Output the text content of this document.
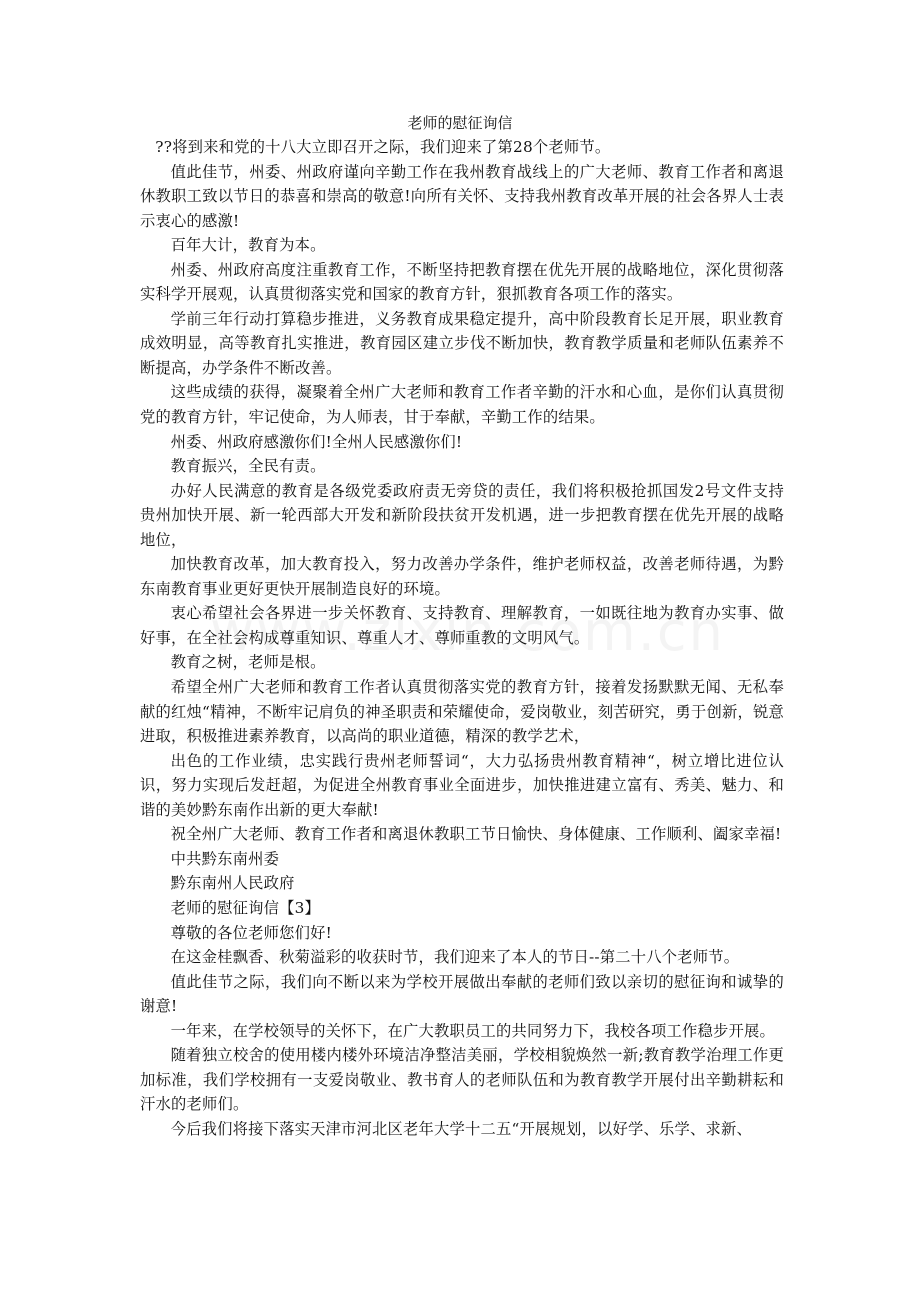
老师的慰征询信

??将到来和党的十八大立即召开之际，我们迎来了第28个老师节。

值此佳节，州委、州政府谨向辛勤工作在我州教育战线上的广大老师、教育工作者和离退休教职工致以节日的恭喜和崇高的敬意!向所有关怀、支持我州教育改革开展的社会各界人士表示衷心的感激!

百年大计，教育为本。

州委、州政府高度注重教育工作，不断坚持把教育摆在优先开展的战略地位，深化贯彻落实科学开展观，认真贯彻落实党和国家的教育方针，狠抓教育各项工作的落实。

学前三年行动打算稳步推进，义务教育成果稳定提升，高中阶段教育长足开展，职业教育成效明显，高等教育扎实推进，教育园区建立步伐不断加快，教育教学质量和老师队伍素养不断提高，办学条件不断改善。

这些成绩的获得，凝聚着全州广大老师和教育工作者辛勤的汗水和心血，是你们认真贯彻党的教育方针，牢记使命，为人师表，甘于奉献，辛勤工作的结果。

州委、州政府感激你们!全州人民感激你们!

教育振兴，全民有责。

办好人民满意的教育是各级党委政府责无旁贷的责任，我们将积极抢抓国发2号文件支持贵州加快开展、新一轮西部大开发和新阶段扶贫开发机遇，进一步把教育摆在优先开展的战略地位，

加快教育改革，加大教育投入，努力改善办学条件，维护老师权益，改善老师待遇，为黔东南教育事业更好更快开展制造良好的环境。

衷心希望社会各界进一步关怀教育、支持教育、理解教育，一如既往地为教育办实事、做好事，在全社会构成尊重知识、尊重人才、尊师重教的文明风气。

教育之树，老师是根。

希望全州广大老师和教育工作者认真贯彻落实党的教育方针，接着发扬默默无闻、无私奉献的红烛“精神，不断牢记肩负的神圣职责和荣耀使命，爱岗敬业，刻苦研究，勇于创新，锐意进取，积极推进素养教育，以高尚的职业道德，精深的教学艺术，

出色的工作业绩，忠实践行贵州老师誓词“，大力弘扬贵州教育精神“，树立增比进位认识，努力实现后发赶超，为促进全州教育事业全面进步，加快推进建立富有、秀美、魅力、和谐的美妙黔东南作出新的更大奉献!

祝全州广大老师、教育工作者和离退休教职工节日愉快、身体健康、工作顺利、阖家幸福!

中共黔东南州委

黔东南州人民政府

老师的慰征询信【3】

尊敬的各位老师您们好!

在这金桂飘香、秋菊溢彩的收获时节，我们迎来了本人的节日--第二十八个老师节。

值此佳节之际，我们向不断以来为学校开展做出奉献的老师们致以亲切的慰征询和诚挚的谢意!

一年来，在学校领导的关怀下，在广大教职员工的共同努力下，我校各项工作稳步开展。

随着独立校舍的使用楼内楼外环境洁净整洁美丽，学校相貌焕然一新;教育教学治理工作更加标准，我们学校拥有一支爱岗敬业、教书育人的老师队伍和为教育教学开展付出辛勤耕耘和汗水的老师们。

今后我们将接下落实天津市河北区老年大学十二五“开展规划，以好学、乐学、求新、
